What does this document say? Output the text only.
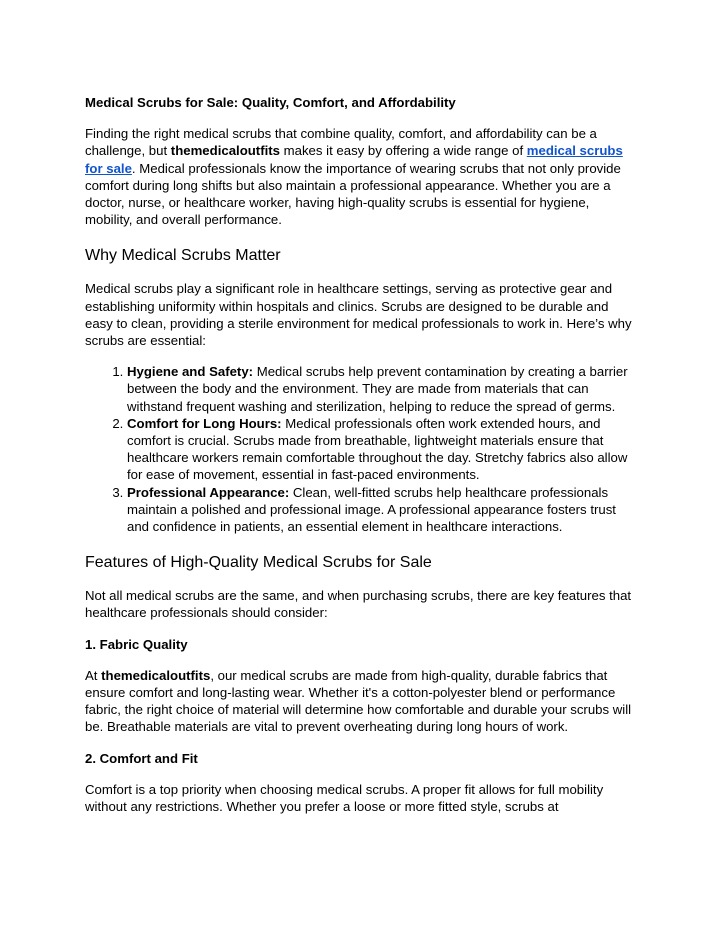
Medical Scrubs for Sale: Quality, Comfort, and Affordability

Finding the right medical scrubs that combine quality, comfort, and affordability can be a challenge, but themedicaloutfits makes it easy by offering a wide range of medical scrubs for sale. Medical professionals know the importance of wearing scrubs that not only provide comfort during long shifts but also maintain a professional appearance. Whether you are a doctor, nurse, or healthcare worker, having high-quality scrubs is essential for hygiene, mobility, and overall performance.

Why Medical Scrubs Matter

Medical scrubs play a significant role in healthcare settings, serving as protective gear and establishing uniformity within hospitals and clinics. Scrubs are designed to be durable and easy to clean, providing a sterile environment for medical professionals to work in. Here’s why scrubs are essential:

1. Hygiene and Safety: Medical scrubs help prevent contamination by creating a barrier between the body and the environment. They are made from materials that can withstand frequent washing and sterilization, helping to reduce the spread of germs.
2. Comfort for Long Hours: Medical professionals often work extended hours, and comfort is crucial. Scrubs made from breathable, lightweight materials ensure that healthcare workers remain comfortable throughout the day. Stretchy fabrics also allow for ease of movement, essential in fast-paced environments.
3. Professional Appearance: Clean, well-fitted scrubs help healthcare professionals maintain a polished and professional image. A professional appearance fosters trust and confidence in patients, an essential element in healthcare interactions.
Features of High-Quality Medical Scrubs for Sale

Not all medical scrubs are the same, and when purchasing scrubs, there are key features that healthcare professionals should consider:

1. Fabric Quality

At themedicaloutfits, our medical scrubs are made from high-quality, durable fabrics that ensure comfort and long-lasting wear. Whether it's a cotton-polyester blend or performance fabric, the right choice of material will determine how comfortable and durable your scrubs will be. Breathable materials are vital to prevent overheating during long hours of work.

2. Comfort and Fit

Comfort is a top priority when choosing medical scrubs. A proper fit allows for full mobility without any restrictions. Whether you prefer a loose or more fitted style, scrubs at
